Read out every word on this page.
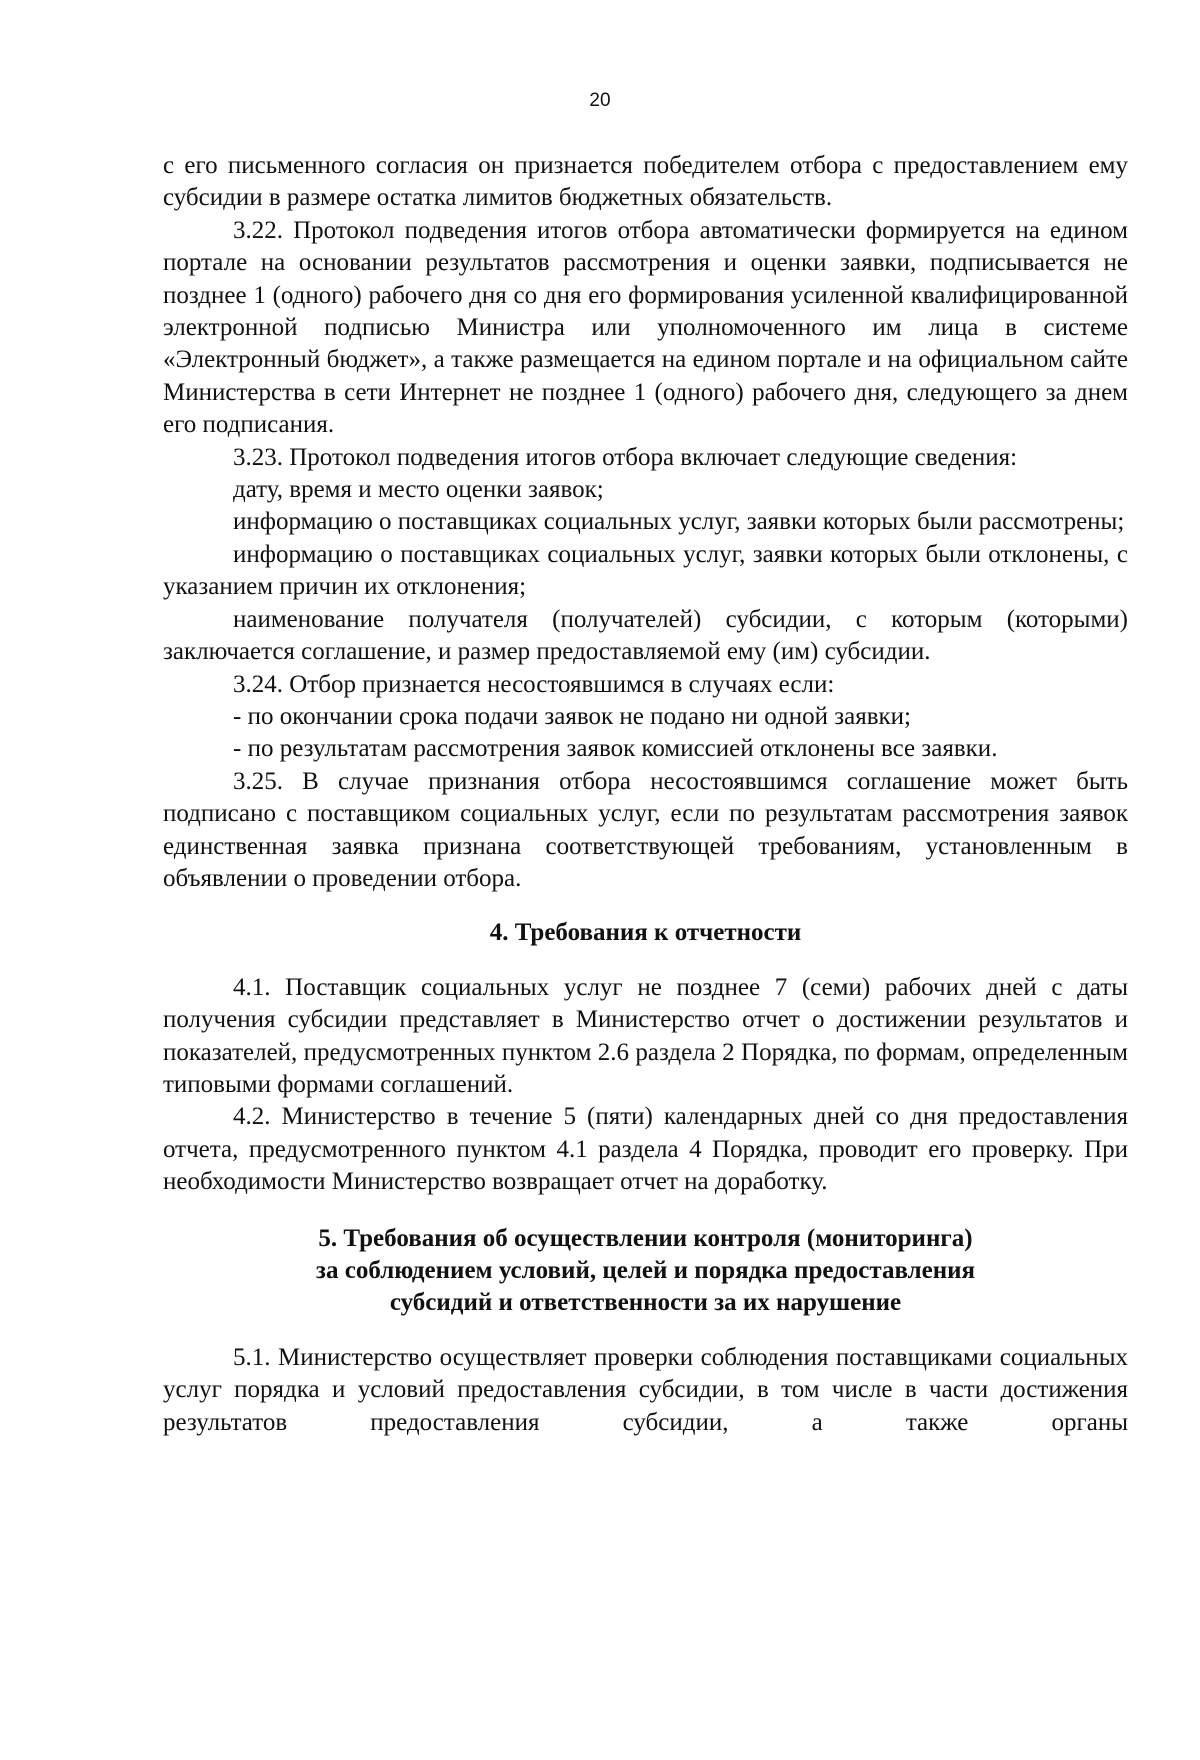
20

с его письменного согласия он признается победителем отбора с предоставлением ему субсидии в размере остатка лимитов бюджетных обязательств.

3.22. Протокол подведения итогов отбора автоматически формируется на едином портале на основании результатов рассмотрения и оценки заявки, подписывается не позднее 1 (одного) рабочего дня со дня его формирования усиленной квалифицированной электронной подписью Министра или уполномоченного им лица в системе «Электронный бюджет», а также размещается на едином портале и на официальном сайте Министерства в сети Интернет не позднее 1 (одного) рабочего дня, следующего за днем его подписания.

3.23. Протокол подведения итогов отбора включает следующие сведения:

дату, время и место оценки заявок;

информацию о поставщиках социальных услуг, заявки которых были рассмотрены;

информацию о поставщиках социальных услуг, заявки которых были отклонены, с указанием причин их отклонения;

наименование получателя (получателей) субсидии, с которым (которыми) заключается соглашение, и размер предоставляемой ему (им) субсидии.

3.24. Отбор признается несостоявшимся в случаях если:

- по окончании срока подачи заявок не подано ни одной заявки;

- по результатам рассмотрения заявок комиссией отклонены все заявки.

3.25. В случае признания отбора несостоявшимся соглашение может быть подписано с поставщиком социальных услуг, если по результатам рассмотрения заявок единственная заявка признана соответствующей требованиям, установленным в объявлении о проведении отбора.

4. Требования к отчетности

4.1. Поставщик социальных услуг не позднее 7 (семи) рабочих дней с даты получения субсидии представляет в Министерство отчет о достижении результатов и показателей, предусмотренных пунктом 2.6 раздела 2 Порядка, по формам, определенным типовыми формами соглашений.

4.2. Министерство в течение 5 (пяти) календарных дней со дня предоставления отчета, предусмотренного пунктом 4.1 раздела 4 Порядка, проводит его проверку. При необходимости Министерство возвращает отчет на доработку.

5. Требования об осуществлении контроля (мониторинга)
за соблюдением условий, целей и порядка предоставления
субсидий и ответственности за их нарушение

5.1. Министерство осуществляет проверки соблюдения поставщиками социальных услуг порядка и условий предоставления субсидии, в том числе в части достижения результатов предоставления субсидии, а также органы
